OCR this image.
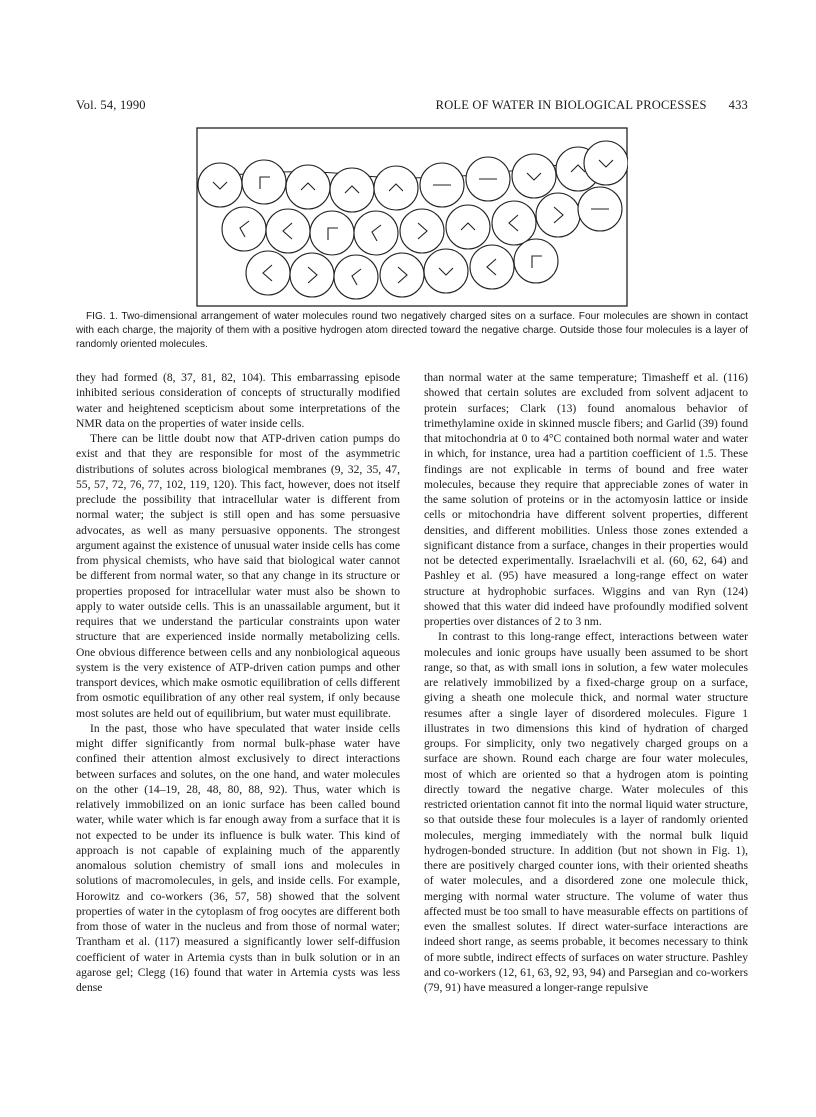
Vol. 54, 1990	ROLE OF WATER IN BIOLOGICAL PROCESSES 433

FIG. 1. Two-dimensional arrangement of water molecules round two negatively charged sites on a surface. Four molecules are shown in contact with each charge, the majority of them with a positive hydrogen atom directed toward the negative charge. Outside those four molecules is a layer of randomly oriented molecules.

they had formed (8, 37, 81, 82, 104). This embarrassing episode inhibited serious consideration of concepts of structurally modified water and heightened scepticism about some interpretations of the NMR data on the properties of water inside cells.

There can be little doubt now that ATP-driven cation pumps do exist and that they are responsible for most of the asymmetric distributions of solutes across biological membranes (9, 32, 35, 47, 55, 57, 72, 76, 77, 102, 119, 120). This fact, however, does not itself preclude the possibility that intracellular water is different from normal water; the subject is still open and has some persuasive advocates, as well as many persuasive opponents. The strongest argument against the existence of unusual water inside cells has come from physical chemists, who have said that biological water cannot be different from normal water, so that any change in its structure or properties proposed for intracellular water must also be shown to apply to water outside cells. This is an unassailable argument, but it requires that we understand the particular constraints upon water structure that are experienced inside normally metabolizing cells. One obvious difference between cells and any nonbiological aqueous system is the very existence of ATP-driven cation pumps and other transport devices, which make osmotic equilibration of cells different from osmotic equilibration of any other real system, if only because most solutes are held out of equilibrium, but water must equilibrate.

In the past, those who have speculated that water inside cells might differ significantly from normal bulk-phase water have confined their attention almost exclusively to direct interactions between surfaces and solutes, on the one hand, and water molecules on the other (14–19, 28, 48, 80, 88, 92). Thus, water which is relatively immobilized on an ionic surface has been called bound water, while water which is far enough away from a surface that it is not expected to be under its influence is bulk water. This kind of approach is not capable of explaining much of the apparently anomalous solution chemistry of small ions and molecules in solutions of macromolecules, in gels, and inside cells. For example, Horowitz and co-workers (36, 57, 58) showed that the solvent properties of water in the cytoplasm of frog oocytes are different both from those of water in the nucleus and from those of normal water; Trantham et al. (117) measured a significantly lower self-diffusion coefficient of water in Artemia cysts than in bulk solution or in an agarose gel; Clegg (16) found that water in Artemia cysts was less dense

than normal water at the same temperature; Timasheff et al. (116) showed that certain solutes are excluded from solvent adjacent to protein surfaces; Clark (13) found anomalous behavior of trimethylamine oxide in skinned muscle fibers; and Garlid (39) found that mitochondria at 0 to 4°C contained both normal water and water in which, for instance, urea had a partition coefficient of 1.5. These findings are not explicable in terms of bound and free water molecules, because they require that appreciable zones of water in the same solution of proteins or in the actomyosin lattice or inside cells or mitochondria have different solvent properties, different densities, and different mobilities. Unless those zones extended a significant distance from a surface, changes in their properties would not be detected experimentally. Israelachvili et al. (60, 62, 64) and Pashley et al. (95) have measured a long-range effect on water structure at hydrophobic surfaces. Wiggins and van Ryn (124) showed that this water did indeed have profoundly modified solvent properties over distances of 2 to 3 nm.

In contrast to this long-range effect, interactions between water molecules and ionic groups have usually been assumed to be short range, so that, as with small ions in solution, a few water molecules are relatively immobilized by a fixed-charge group on a surface, giving a sheath one molecule thick, and normal water structure resumes after a single layer of disordered molecules. Figure 1 illustrates in two dimensions this kind of hydration of charged groups. For simplicity, only two negatively charged groups on a surface are shown. Round each charge are four water molecules, most of which are oriented so that a hydrogen atom is pointing directly toward the negative charge. Water molecules of this restricted orientation cannot fit into the normal liquid water structure, so that outside these four molecules is a layer of randomly oriented molecules, merging immediately with the normal bulk liquid hydrogen-bonded structure. In addition (but not shown in Fig. 1), there are positively charged counter ions, with their oriented sheaths of water molecules, and a disordered zone one molecule thick, merging with normal water structure. The volume of water thus affected must be too small to have measurable effects on partitions of even the smallest solutes. If direct water-surface interactions are indeed short range, as seems probable, it becomes necessary to think of more subtle, indirect effects of surfaces on water structure. Pashley and co-workers (12, 61, 63, 92, 93, 94) and Parsegian and co-workers (79, 91) have measured a longer-range repulsive
